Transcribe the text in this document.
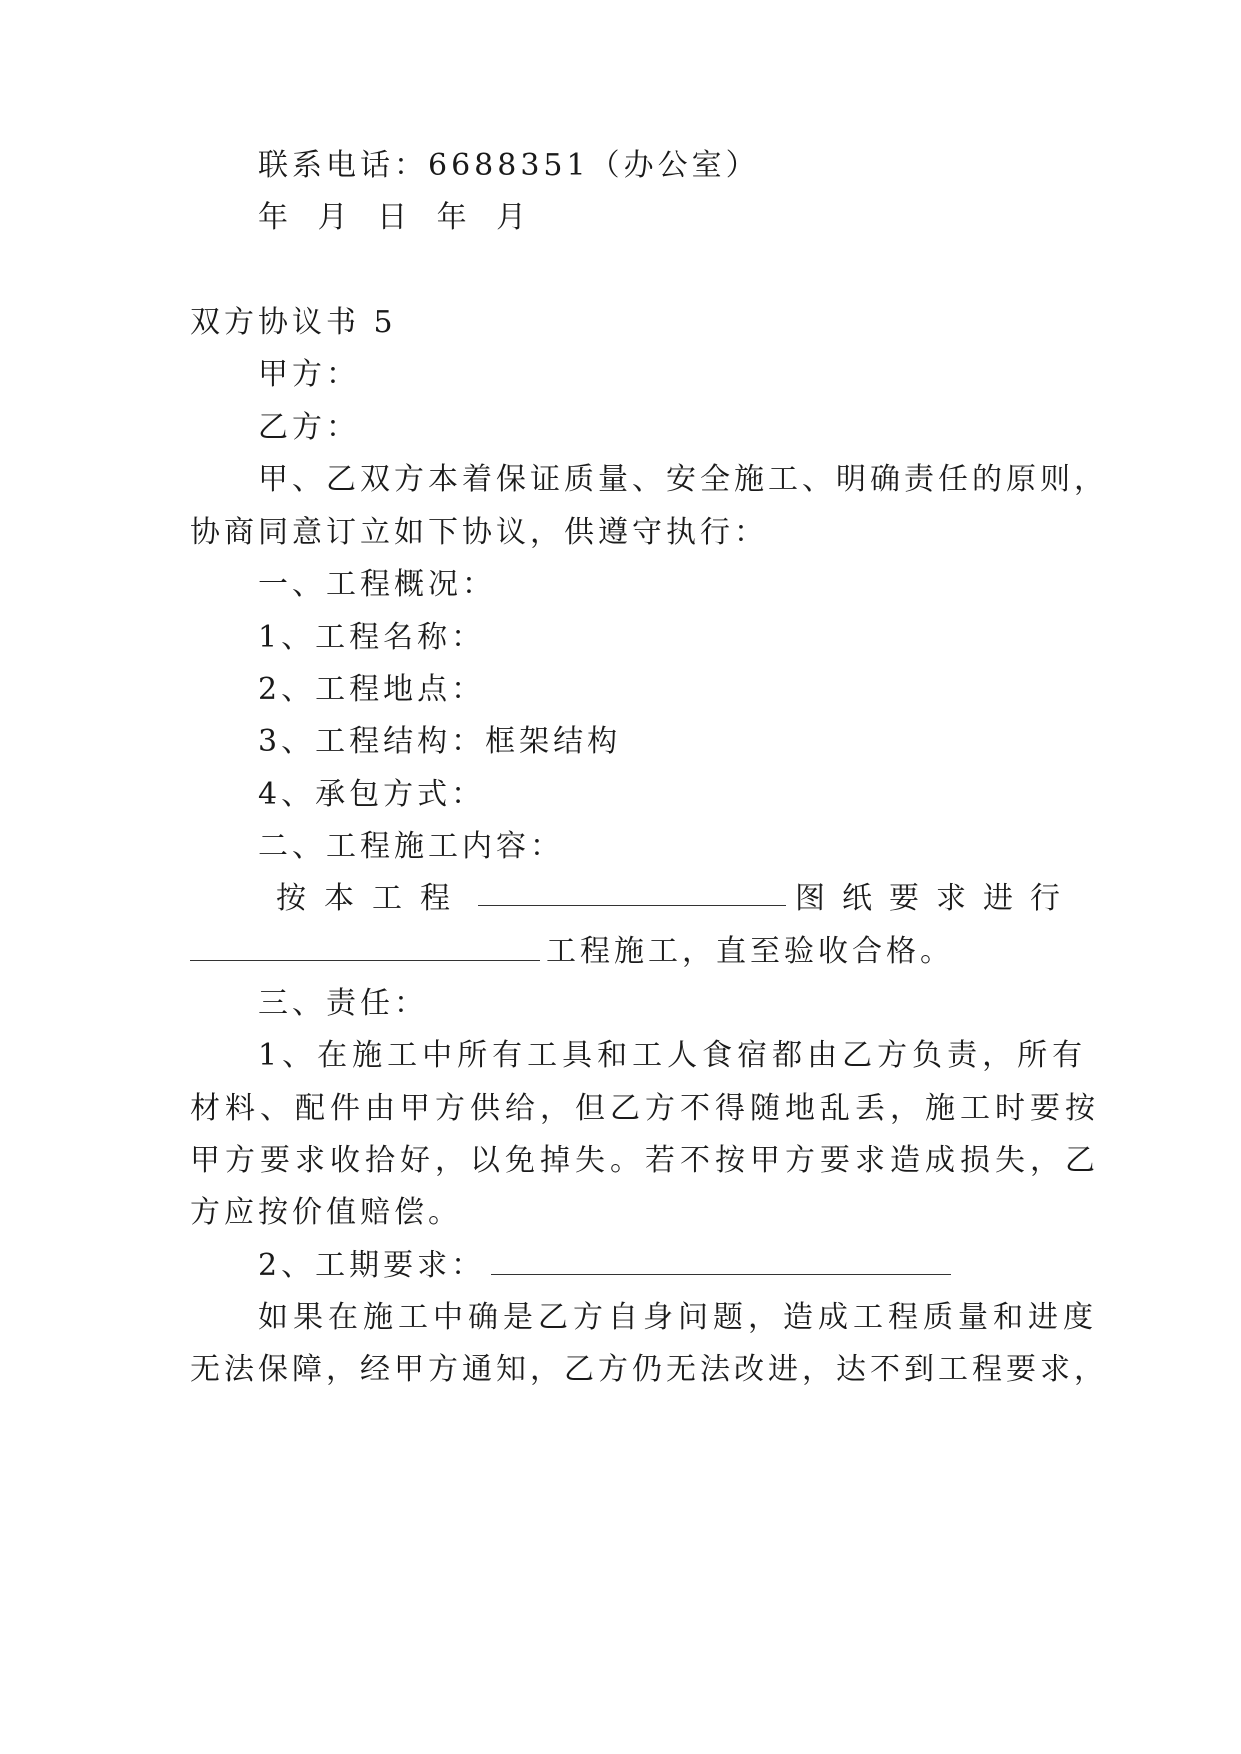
联系电话：6688351（办公室）
年 月 日 年 月
双方协议书 5
甲方：
乙方：
甲、乙双方本着保证质量、安全施工、明确责任的原则，
协商同意订立如下协议，供遵守执行：
一、工程概况：
1、工程名称：
2、工程地点：
3、工程结构：框架结构
4、承包方式：
二、工程施工内容：
按本工程	图纸要求进行
工程施工，直至验收合格。
三、责任：
1、在施工中所有工具和工人食宿都由乙方负责，所有
材料、配件由甲方供给，但乙方不得随地乱丢，施工时要按
甲方要求收拾好，以免掉失。若不按甲方要求造成损失，乙
方应按价值赔偿。
2、工期要求：
如果在施工中确是乙方自身问题，造成工程质量和进度
无法保障，经甲方通知，乙方仍无法改进，达不到工程要求，
